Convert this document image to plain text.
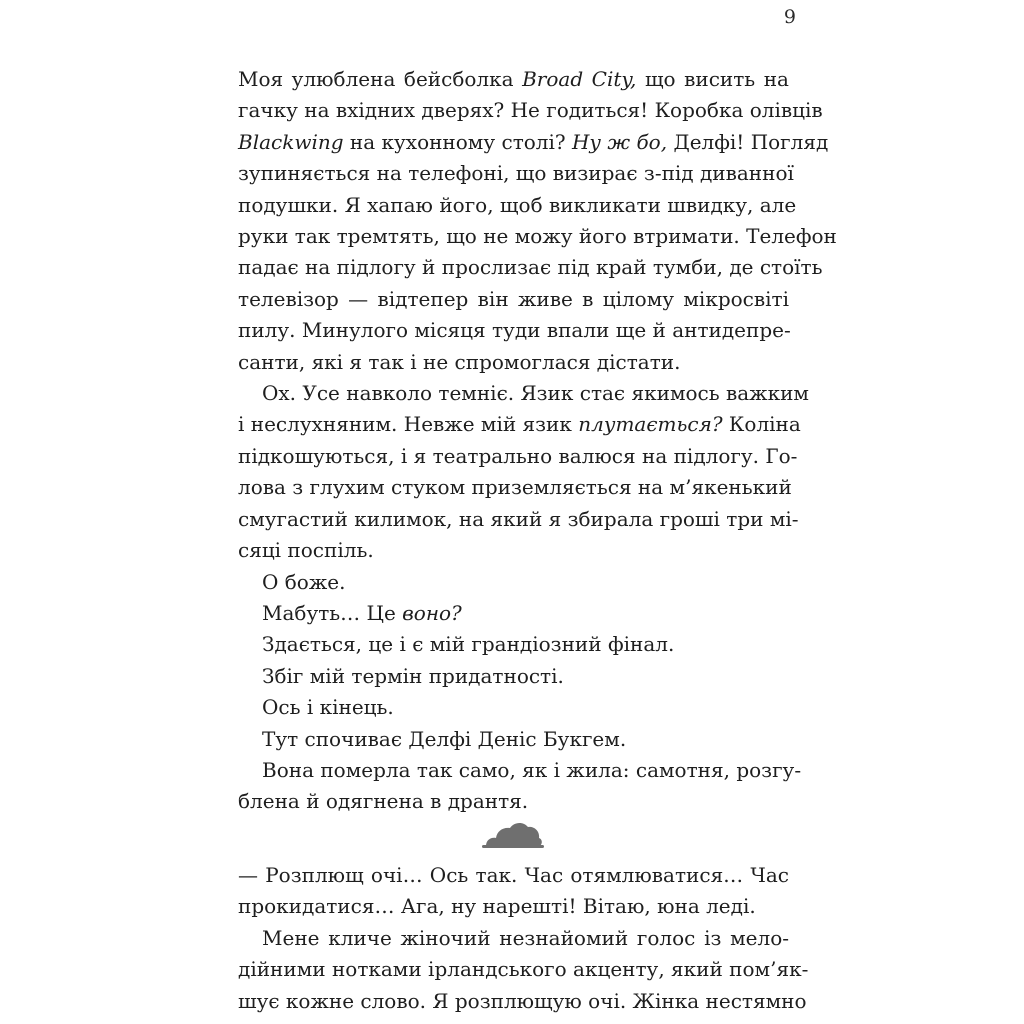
9
Моя улюблена бейсболка Broad City, що висить на
гачку на вхідних дверях? Не годиться! Коробка олівців
Blackwing на кухонному столі? Ну ж бо, Делфі! Погляд
зупиняється на телефоні, що визирає з-під диванної
подушки. Я хапаю його, щоб викликати швидку, але
руки так тремтять, що не можу його втримати. Телефон
падає на підлогу й прослизає під край тумби, де стоїть
телевізор — відтепер він живе в цілому мікросвіті
пилу. Минулого місяця туди впали ще й антидепре-
санти, які я так і не спромоглася дістати.
Ох. Усе навколо темніє. Язик стає якимось важким
і неслухняним. Невже мій язик плутається? Коліна
підкошуються, і я театрально валюся на підлогу. Го-
лова з глухим стуком приземляється на м’якенький
смугастий килимок, на який я збирала гроші три мі-
сяці поспіль.
О боже.
Мабуть… Це воно?
Здається, це і є мій грандіозний фінал.
Збіг мій термін придатності.
Ось і кінець.
Тут спочиває Делфі Деніс Букгем.
Вона померла так само, як і жила: самотня, розгу-
блена й одягнена в дрантя.
— Розплющ очі… Ось так. Час отямлюватися… Час
прокидатися… Ага, ну нарешті! Вітаю, юна леді.
Мене кличе жіночий незнайомий голос із мело-
дійними нотками ірландського акценту, який пом’як-
шує кожне слово. Я розплющую очі. Жінка нестямно
